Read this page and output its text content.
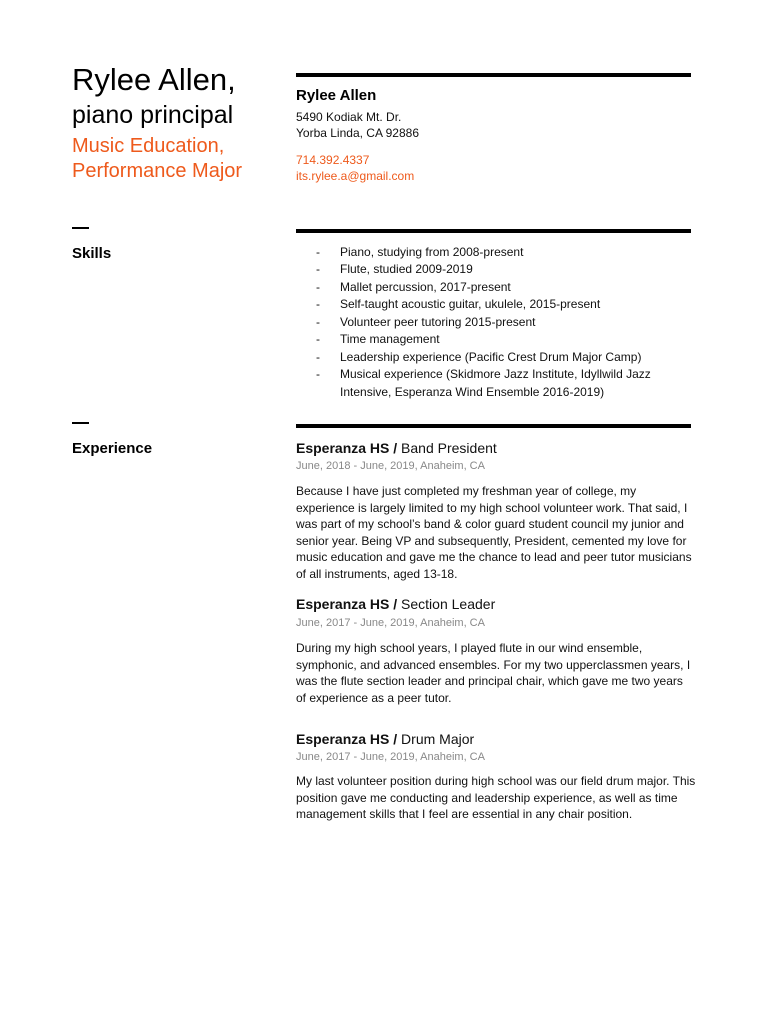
Rylee Allen,
piano principal
Music Education,
Performance Major
Rylee Allen
5490 Kodiak Mt. Dr.
Yorba Linda, CA 92886
714.392.4337
its.rylee.a@gmail.com
Skills	- Piano, studying from 2008-present
- Flute, studied 2009-2019
- Mallet percussion, 2017-present
- Self-taught acoustic guitar, ukulele, 2015-present
- Volunteer peer tutoring 2015-present
- Time management
- Leadership experience (Pacific Crest Drum Major Camp)
- Musical experience (Skidmore Jazz Institute, Idyllwild Jazz
Intensive, Esperanza Wind Ensemble 2016-2019)
Experience	Esperanza HS / Band President
June, 2018 - June, 2019, Anaheim, CA
Because I have just completed my freshman year of college, my experience is largely limited to my high school volunteer work. That said, I was part of my school’s band & color guard student council my junior and senior year. Being VP and subsequently, President, cemented my love for music education and gave me the chance to lead and peer tutor musicians of all instruments, aged 13-18.
Esperanza HS / Section Leader
June, 2017 - June, 2019, Anaheim, CA
During my high school years, I played flute in our wind ensemble, symphonic, and advanced ensembles. For my two upperclassmen years, I was the flute section leader and principal chair, which gave me two years of experience as a peer tutor.
Esperanza HS / Drum Major
June, 2017 - June, 2019, Anaheim, CA
My last volunteer position during high school was our field drum major. This position gave me conducting and leadership experience, as well as time management skills that I feel are essential in any chair position.
